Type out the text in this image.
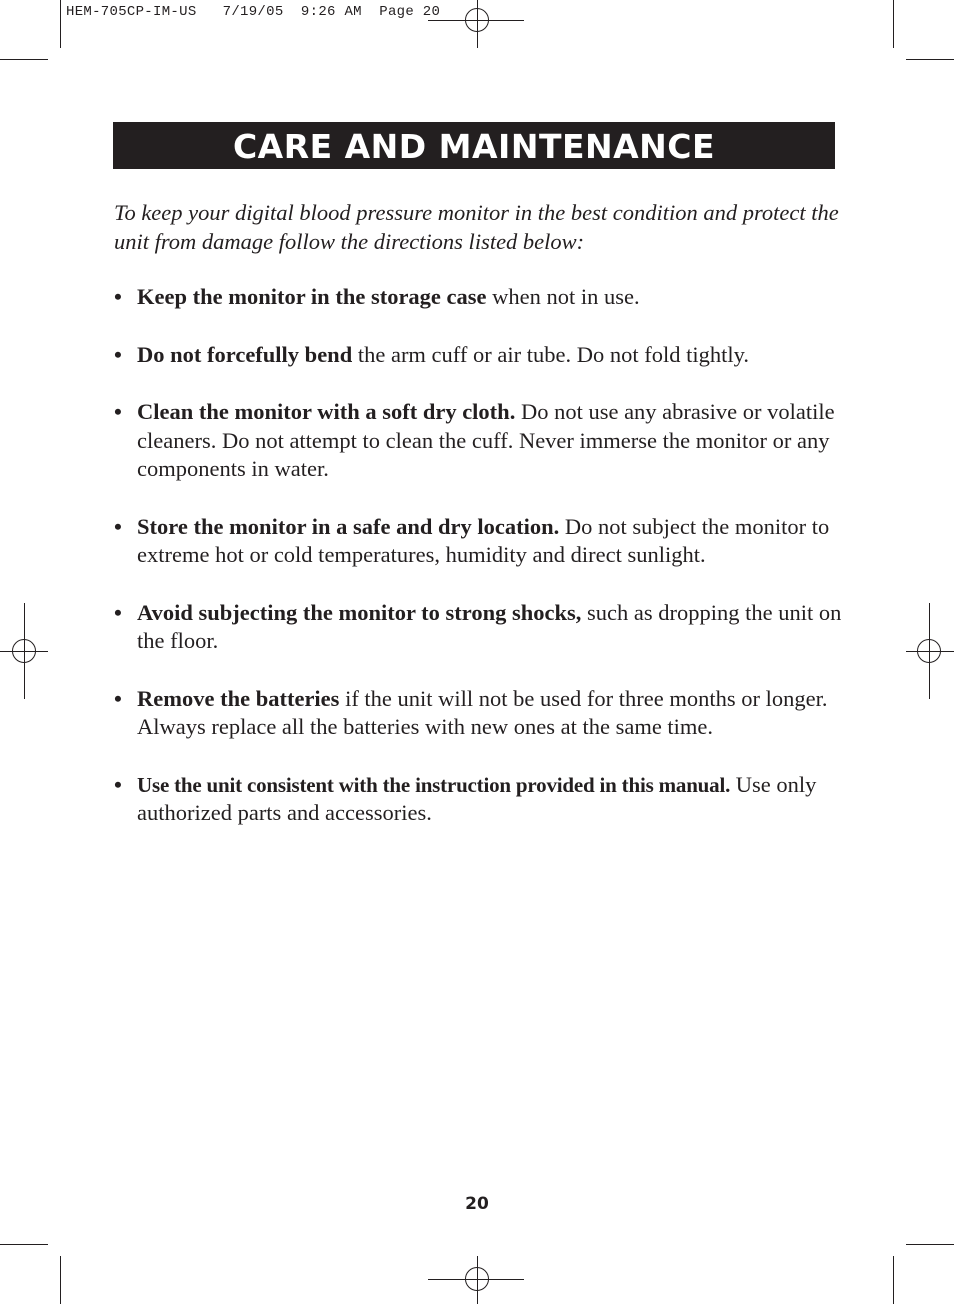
HEM-705CP-IM-US   7/19/05  9:26 AM  Page 20
CARE AND MAINTENANCE

To keep your digital blood pressure monitor in the best condition and protect the unit from damage follow the directions listed below:

• Keep the monitor in the storage case when not in use.
• Do not forcefully bend the arm cuff or air tube. Do not fold tightly.
• Clean the monitor with a soft dry cloth. Do not use any abrasive or volatile cleaners. Do not attempt to clean the cuff. Never immerse the monitor or any components in water.
• Store the monitor in a safe and dry location. Do not subject the monitor to extreme hot or cold temperatures, humidity and direct sunlight.
• Avoid subjecting the monitor to strong shocks, such as dropping the unit on the floor.
• Remove the batteries if the unit will not be used for three months or longer. Always replace all the batteries with new ones at the same time.
• Use the unit consistent with the instruction provided in this manual. Use only authorized parts and accessories.
20
